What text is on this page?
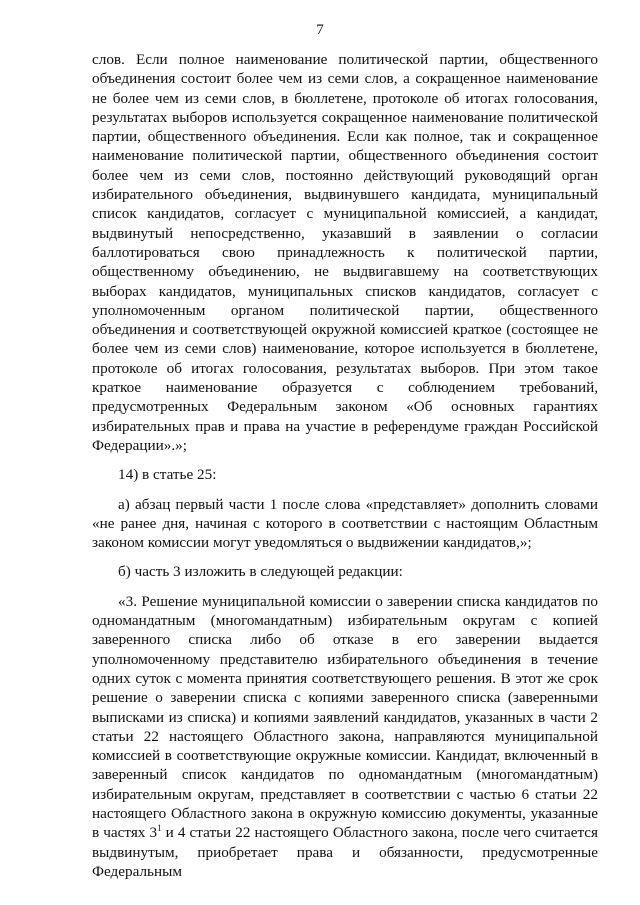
7

слов. Если полное наименование политической партии, общественного объединения состоит более чем из семи слов, а сокращенное наименование не более чем из семи слов, в бюллетене, протоколе об итогах голосования, результатах выборов используется сокращенное наименование политической партии, общественного объединения. Если как полное, так и сокращенное наименование политической партии, общественного объединения состоит более чем из семи слов, постоянно действующий руководящий орган избирательного объединения, выдвинувшего кандидата, муниципальный список кандидатов, согласует с муниципальной комиссией, а кандидат, выдвинутый непосредственно, указавший в заявлении о согласии баллотироваться свою принадлежность к политической партии, общественному объединению, не выдвигавшему на соответствующих выборах кандидатов, муниципальных списков кандидатов, согласует с уполномоченным органом политической партии, общественного объединения и соответствующей окружной комиссией краткое (состоящее не более чем из семи слов) наименование, которое используется в бюллетене, протоколе об итогах голосования, результатах выборов. При этом такое краткое наименование образуется с соблюдением требований, предусмотренных Федеральным законом «Об основных гарантиях избирательных прав и права на участие в референдуме граждан Российской Федерации».»;

14) в статье 25:

а) абзац первый части 1 после слова «представляет» дополнить словами «не ранее дня, начиная с которого в соответствии с настоящим Областным законом комиссии могут уведомляться о выдвижении кандидатов,»;

б) часть 3 изложить в следующей редакции:

«3. Решение муниципальной комиссии о заверении списка кандидатов по одномандатным (многомандатным) избирательным округам с копией заверенного списка либо об отказе в его заверении выдается уполномоченному представителю избирательного объединения в течение одних суток с момента принятия соответствующего решения. В этот же срок решение о заверении списка с копиями заверенного списка (заверенными выписками из списка) и копиями заявлений кандидатов, указанных в части 2 статьи 22 настоящего Областного закона, направляются муниципальной комиссией в соответствующие окружные комиссии. Кандидат, включенный в заверенный список кандидатов по одномандатным (многомандатным) избирательным округам, представляет в соответствии с частью 6 статьи 22 настоящего Областного закона в окружную комиссию документы, указанные в частях $3^1$ и 4 статьи 22 настоящего Областного закона, после чего считается выдвинутым, приобретает права и обязанности, предусмотренные Федеральным
